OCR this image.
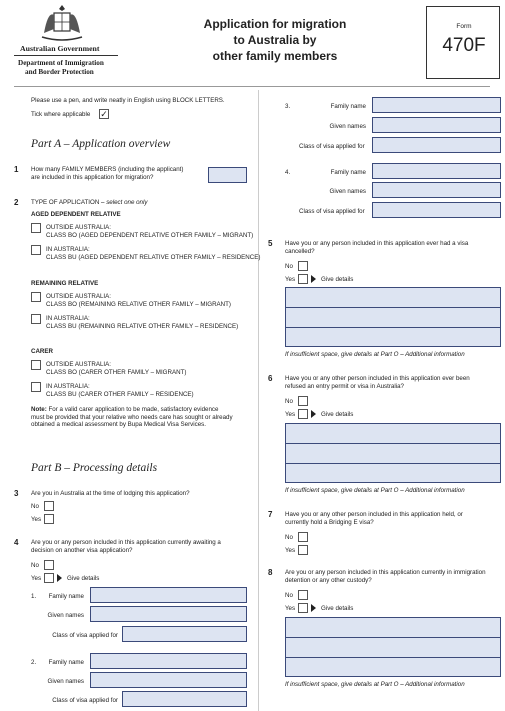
Australian Government
Department of Immigration
and Border Protection
Application for migration
to Australia by
other family members
Form
470F
Please use a pen, and write neatly in English using BLOCK LETTERS.
Tick where applicable ✓
Part A – Application overview
1 How many FAMILY MEMBERS (including the applicant)
are included in this application for migration?
2 TYPE OF APPLICATION – select one only
AGED DEPENDENT RELATIVE
OUTSIDE AUSTRALIA:
CLASS BO (AGED DEPENDENT RELATIVE OTHER FAMILY – MIGRANT)
IN AUSTRALIA:
CLASS BU (AGED DEPENDENT RELATIVE OTHER FAMILY – RESIDENCE)
REMAINING RELATIVE
OUTSIDE AUSTRALIA:
CLASS BO (REMAINING RELATIVE OTHER FAMILY – MIGRANT)
IN AUSTRALIA:
CLASS BU (REMAINING RELATIVE OTHER FAMILY – RESIDENCE)
CARER
OUTSIDE AUSTRALIA:
CLASS BO (CARER OTHER FAMILY – MIGRANT)
IN AUSTRALIA:
CLASS BU (CARER OTHER FAMILY – RESIDENCE)
Note: For a valid carer application to be made, satisfactory evidence
must be provided that your relative who needs care has sought or already
obtained a medical assessment by Bupa Medical Visa Services.
Part B – Processing details
3 Are you in Australia at the time of lodging this application?
No
Yes
4 Are you or any person included in this application currently awaiting a
decision on another visa application?
No
Yes	Give details
1.	Family name
Given names
Class of visa applied for
2.	Family name
Given names
Class of visa applied for
3.	Family name
Given names
Class of visa applied for
4.	Family name
Given names
Class of visa applied for
5 Have you or any person included in this application ever had a visa
cancelled?
No
Yes	Give details
If insufficient space, give details at Part O – Additional information
6 Have you or any other person included in this application ever been
refused an entry permit or visa in Australia?
No
Yes	Give details
If insufficient space, give details at Part O – Additional information
7 Have you or any other person included in this application held, or
currently hold a Bridging E visa?
No
Yes
8 Are you or any person included in this application currently in immigration
detention or any other custody?
No
Yes	Give details
If insufficient space, give details at Part O – Additional information
